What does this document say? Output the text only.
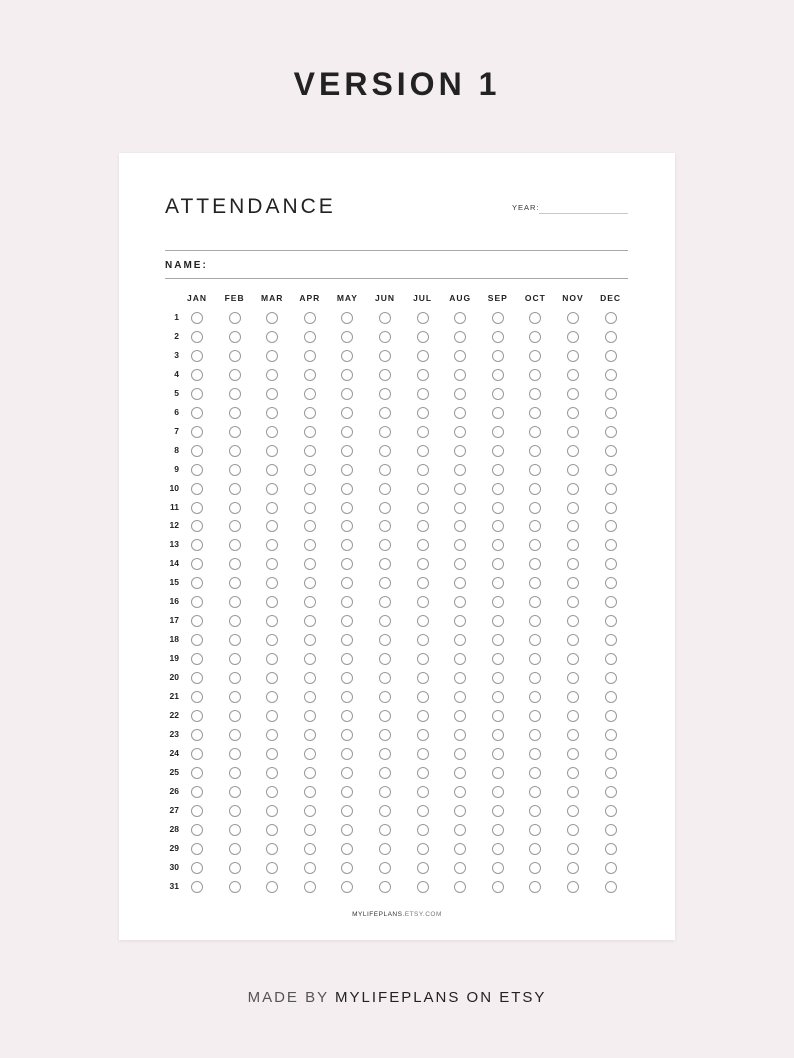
VERSION 1
ATTENDANCE	YEAR:
NAME:
JAN	FEB	MAR	APR	MAY	JUN	JUL	AUG	SEP	OCT	NOV	DEC
1
2
3
4
5
6
7
8
9
10
11
12
13
14
15
16
17
18
19
20
21
22
23
24
25
26
27
28
29
30
31
MYLIFEPLANS.ETSY.COM
MADE BY MYLIFEPLANS ON ETSY
